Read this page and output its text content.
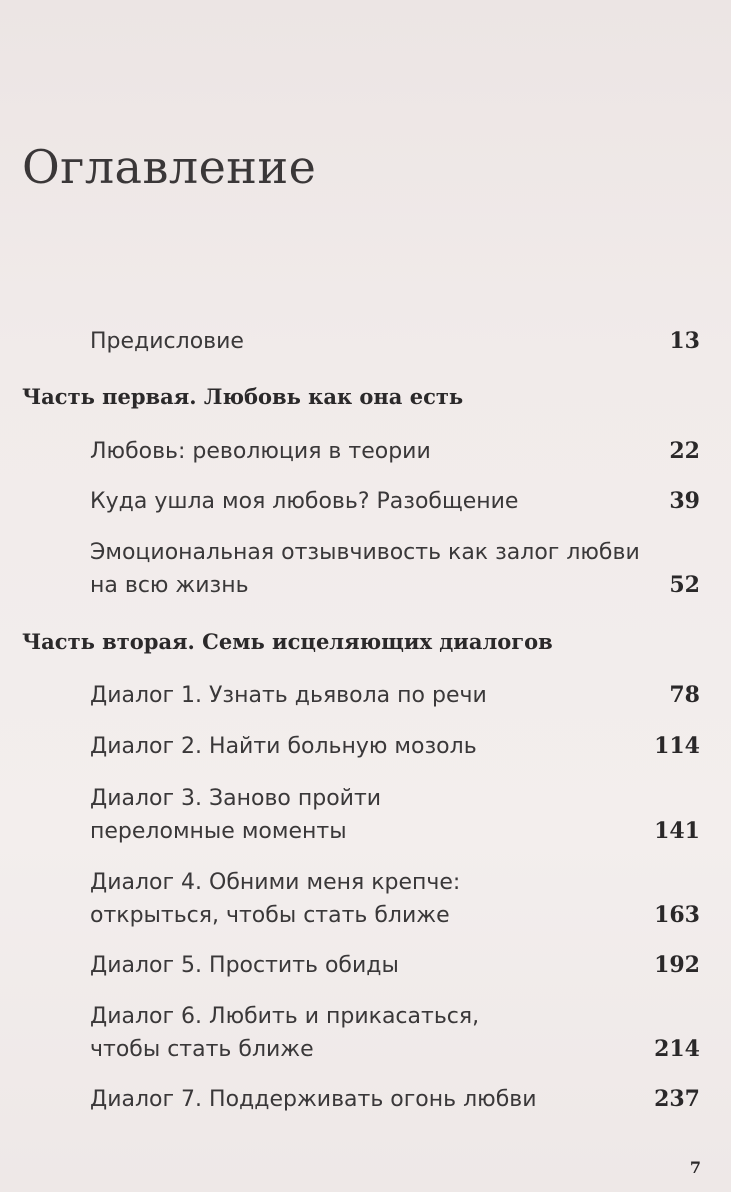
Оглавление
Предисловие	13
Часть первая. Любовь как она есть
Любовь: революция в теории	22
Куда ушла моя любовь? Разобщение	39
Эмоциональная отзывчивость как залог любви на всю жизнь	52
Часть вторая. Семь исцеляющих диалогов
Диалог 1. Узнать дьявола по речи	78
Диалог 2. Найти больную мозоль	114
Диалог 3. Заново пройти переломные моменты	141
Диалог 4. Обними меня крепче: открыться, чтобы стать ближе	163
Диалог 5. Простить обиды	192
Диалог 6. Любить и прикасаться, чтобы стать ближе	214
Диалог 7. Поддерживать огонь любви	237
7
